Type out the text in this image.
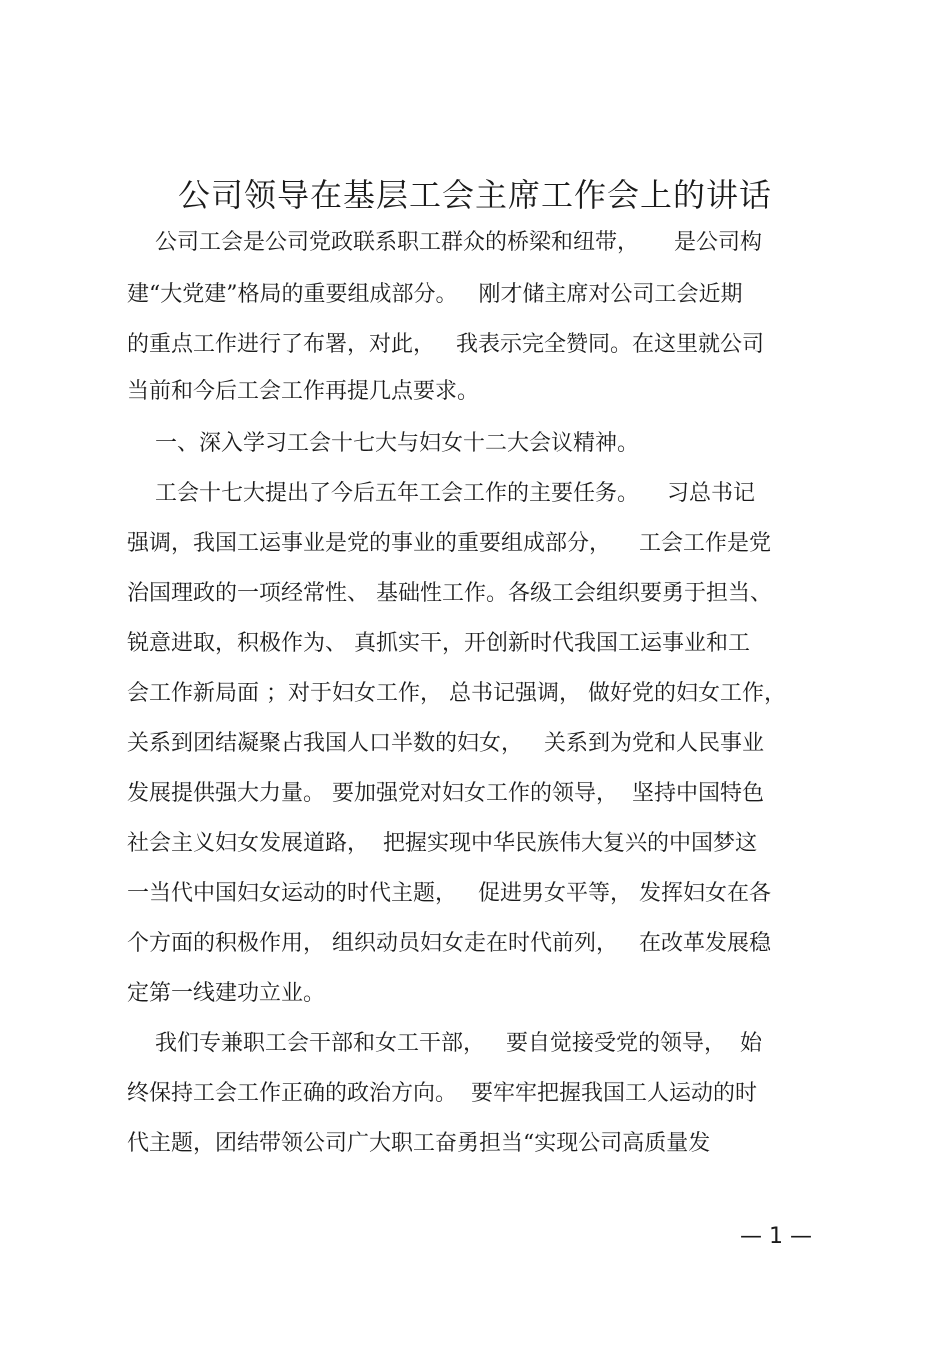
公司领导在基层工会主席工作会上的讲话
公司工会是公司党政联系职工群众的桥梁和纽带，     是公司构
建“大党建”格局的重要组成部分。   刚才储主席对公司工会近期
的重点工作进行了布署，对此，   我表示完全赞同。在这里就公司
当前和今后工会工作再提几点要求。
一、深入学习工会十七大与妇女十二大会议精神。
工会十七大提出了今后五年工会工作的主要任务。    习总书记
强调，我国工运事业是党的事业的重要组成部分，    工会工作是党
治国理政的一项经常性、 基础性工作。各级工会组织要勇于担当、
锐意进取，积极作为、 真抓实干，开创新时代我国工运事业和工
会工作新局面 ；对于妇女工作， 总书记强调， 做好党的妇女工作，
关系到团结凝聚占我国人口半数的妇女，   关系到为党和人民事业
发展提供强大力量。 要加强党对妇女工作的领导，  坚持中国特色
社会主义妇女发展道路，  把握实现中华民族伟大复兴的中国梦这
一当代中国妇女运动的时代主题，   促进男女平等， 发挥妇女在各
个方面的积极作用， 组织动员妇女走在时代前列，   在改革发展稳
定第一线建功立业。
我们专兼职工会干部和女工干部，   要自觉接受党的领导，  始
终保持工会工作正确的政治方向。  要牢牢把握我国工人运动的时
代主题，团结带领公司广大职工奋勇担当“实现公司高质量发
— 1 —
